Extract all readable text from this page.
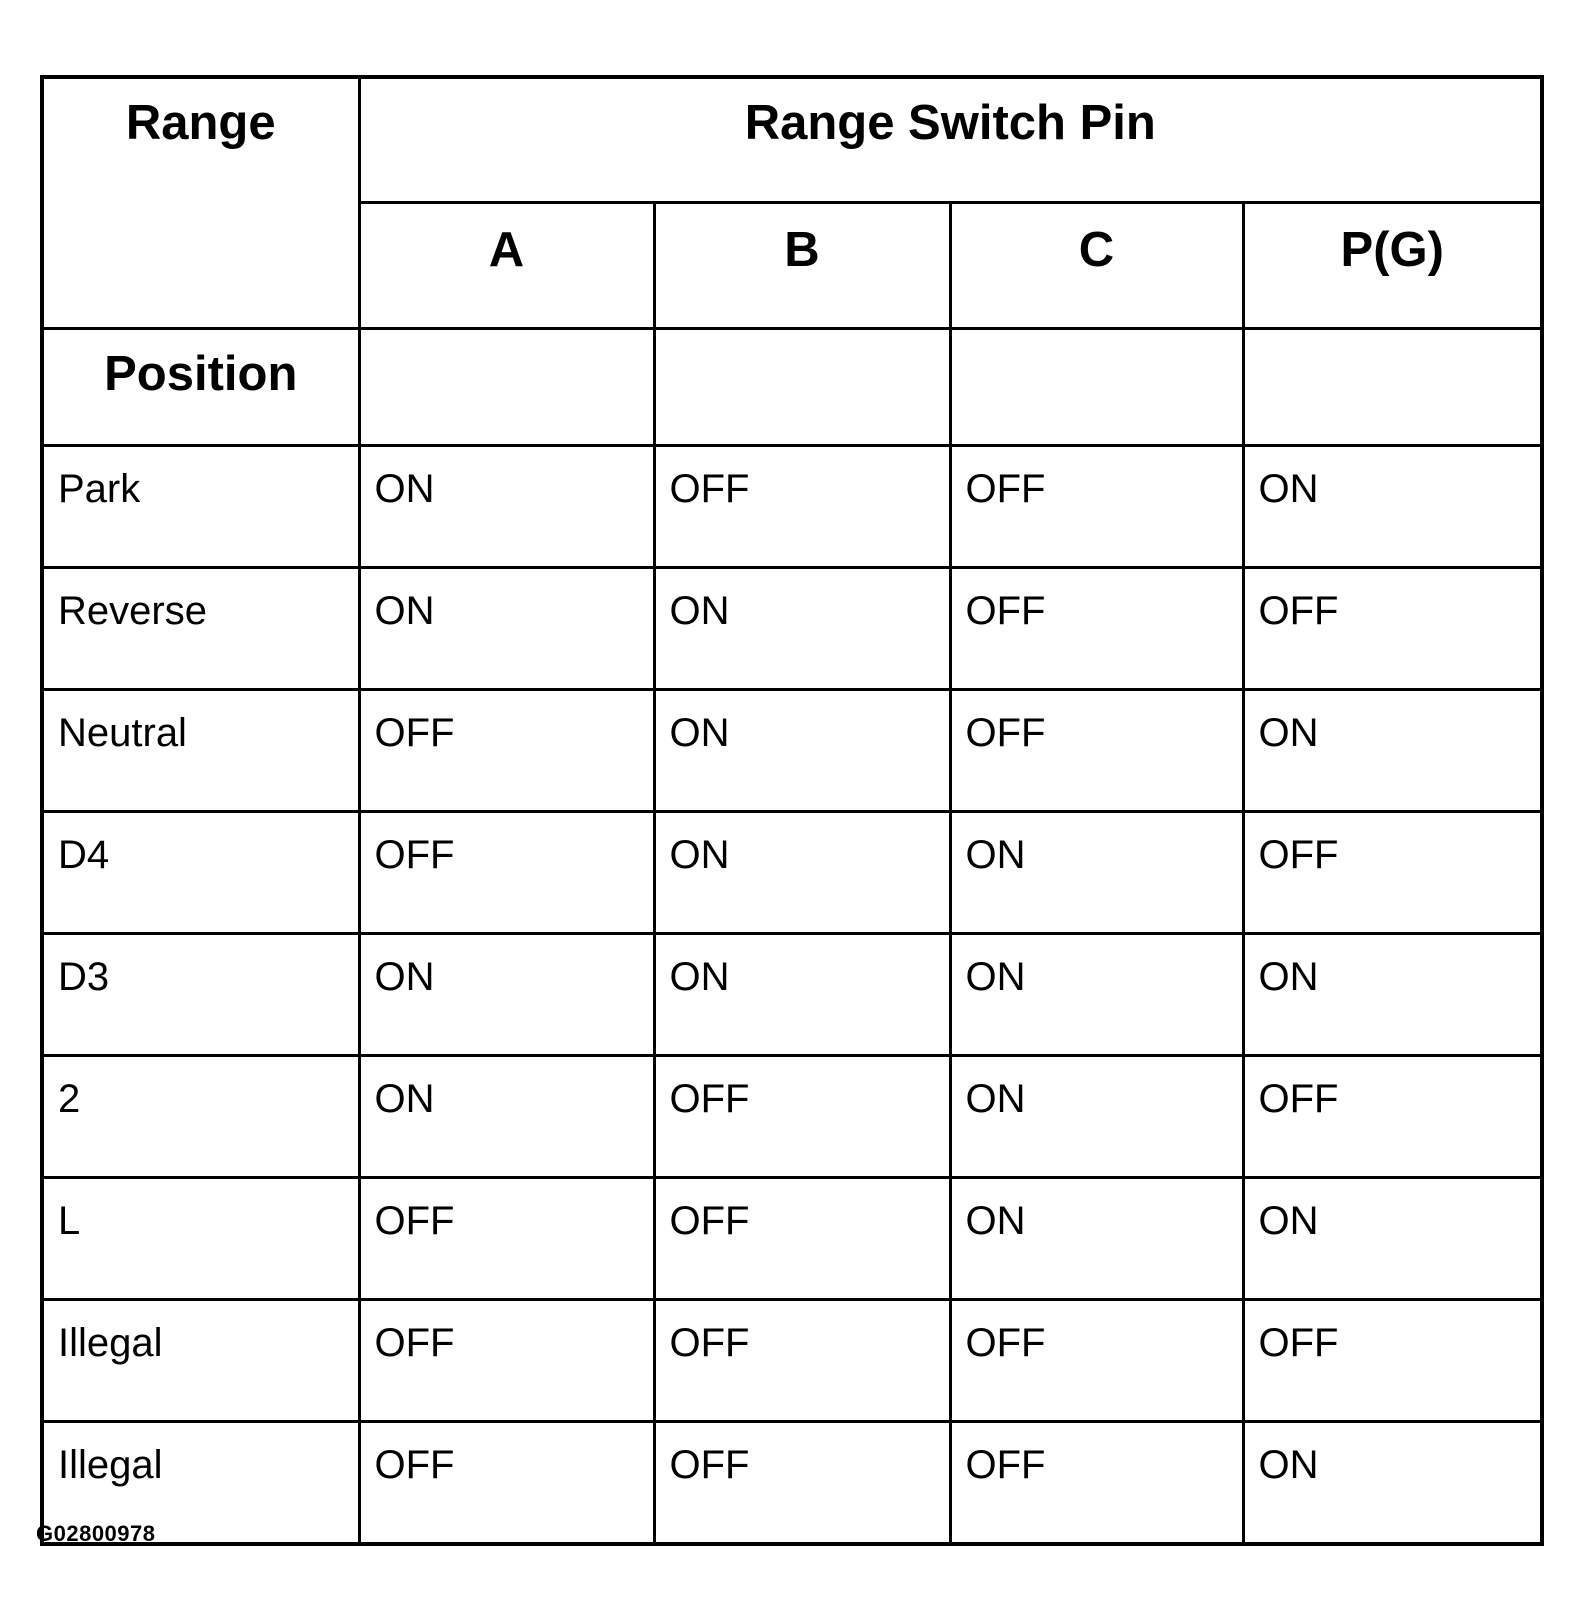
Range	Range Switch Pin			
	A	B	C	P(G)
Position				
Park	ON	OFF	OFF	ON
Reverse	ON	ON	OFF	OFF
Neutral	OFF	ON	OFF	ON
D4	OFF	ON	ON	OFF
D3	ON	ON	ON	ON
2	ON	OFF	ON	OFF
L	OFF	OFF	ON	ON
Illegal	OFF	OFF	OFF	OFF
Illegal	OFF	OFF	OFF	ON
G02800978
